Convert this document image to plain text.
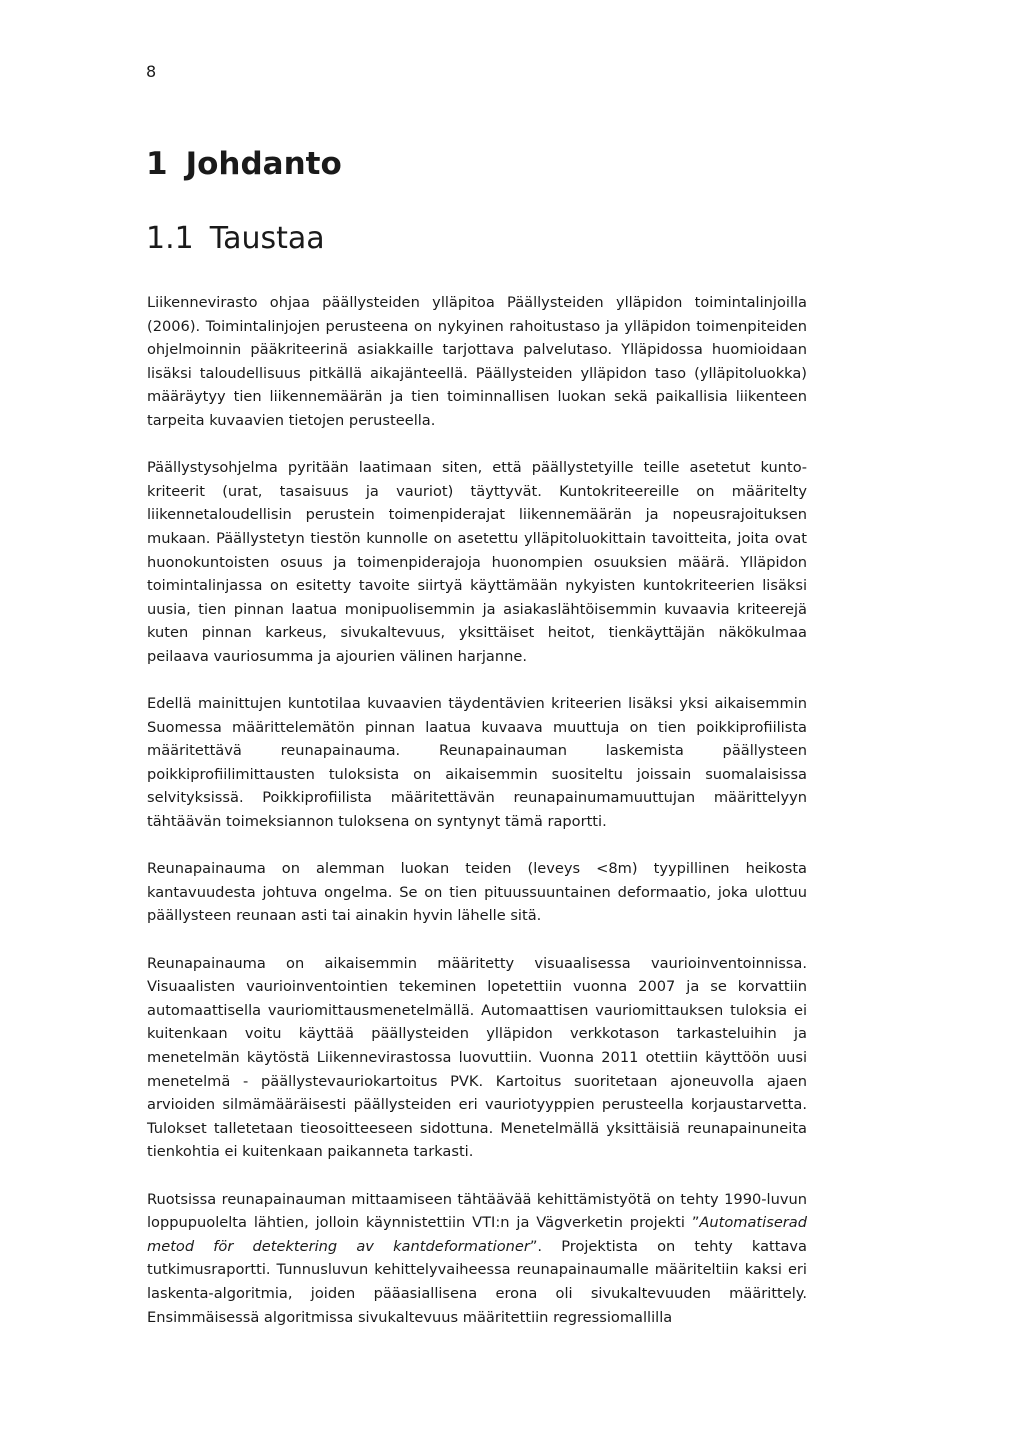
8
1 Johdanto
1.1 Taustaa

Liikennevirasto ohjaa päällysteiden ylläpitoa Päällysteiden ylläpidon toimintalinjoilla (2006). Toimintalinjojen perusteena on nykyinen rahoitustaso ja ylläpidon toimenpiteiden ohjelmoinnin pääkriteerinä asiakkaille tarjottava palvelutaso. Ylläpidossa huomioidaan lisäksi taloudellisuus pitkällä aikajänteellä. Päällysteiden ylläpidon taso (ylläpitoluokka) määräytyy tien liikennemäärän ja tien toiminnallisen luokan sekä paikallisia liikenteen tarpeita kuvaavien tietojen perusteella.

Päällystysohjelma pyritään laatimaan siten, että päällystetyille teille asetetut kuntokriteerit (urat, tasaisuus ja vauriot) täyttyvät. Kuntokriteereille on määritelty liikennetaloudellisin perustein toimenpiderajat liikennemäärän ja nopeusrajoituksen mukaan. Päällystetyn tiestön kunnolle on asetettu ylläpitoluokittain tavoitteita, joita ovat huonokuntoisten osuus ja toimenpiderajoja huonompien osuuksien määrä. Ylläpidon toimintalinjassa on esitetty tavoite siirtyä käyttämään nykyisten kuntokriteerien lisäksi uusia, tien pinnan laatua monipuolisemmin ja asiakaslähtöisemmin kuvaavia kriteerejä kuten pinnan karkeus, sivukaltevuus, yksittäiset heitot, tienkäyttäjän näkökulmaa peilaava vauriosumma ja ajourien välinen harjanne.

Edellä mainittujen kuntotilaa kuvaavien täydentävien kriteerien lisäksi yksi aikaisemmin Suomessa määrittelemätön pinnan laatua kuvaava muuttuja on tien poikkiprofiilista määritettävä reunapainauma. Reunapainauman laskemista päällysteen poikkiprofiilimittausten tuloksista on aikaisemmin suositeltu joissain suomalaisissa selvityksissä. Poikkiprofiilista määritettävän reunapainumamuuttujan määrittelyyn tähtäävän toimeksiannon tuloksena on syntynyt tämä raportti.

Reunapainauma on alemman luokan teiden (leveys <8m) tyypillinen heikosta kantavuudesta johtuva ongelma. Se on tien pituussuuntainen deformaatio, joka ulottuu päällysteen reunaan asti tai ainakin hyvin lähelle sitä.

Reunapainauma on aikaisemmin määritetty visuaalisessa vaurioinventoinnissa. Visuaalisten vaurioinventointien tekeminen lopetettiin vuonna 2007 ja se korvattiin automaattisella vauriomittausmenetelmällä. Automaattisen vauriomittauksen tuloksia ei kuitenkaan voitu käyttää päällysteiden ylläpidon verkkotason tarkasteluihin ja menetelmän käytöstä Liikennevirastossa luovuttiin. Vuonna 2011 otettiin käyttöön uusi menetelmä - päällystevauriokartoitus PVK. Kartoitus suoritetaan ajoneuvolla ajaen arvioiden silmämääräisesti päällysteiden eri vauriotyyppien perusteella korjaustarvetta. Tulokset talletetaan tieosoitteeseen sidottuna. Menetelmällä yksittäisiä reunapainuneita tienkohtia ei kuitenkaan paikanneta tarkasti.

Ruotsissa reunapainauman mittaamiseen tähtäävää kehittämistyötä on tehty 1990-luvun loppupuolelta lähtien, jolloin käynnistettiin VTI:n ja Vägverketin projekti ”Automatiserad metod för detektering av kantdeformationer”. Projektista on tehty kattava tutkimusraportti. Tunnusluvun kehittelyvaiheessa reunapainaumalle määriteltiin kaksi eri laskenta-algoritmia, joiden pääasiallisena erona oli sivukaltevuuden määrittely. Ensimmäisessä algoritmissa sivukaltevuus määritettiin regressiomallilla
